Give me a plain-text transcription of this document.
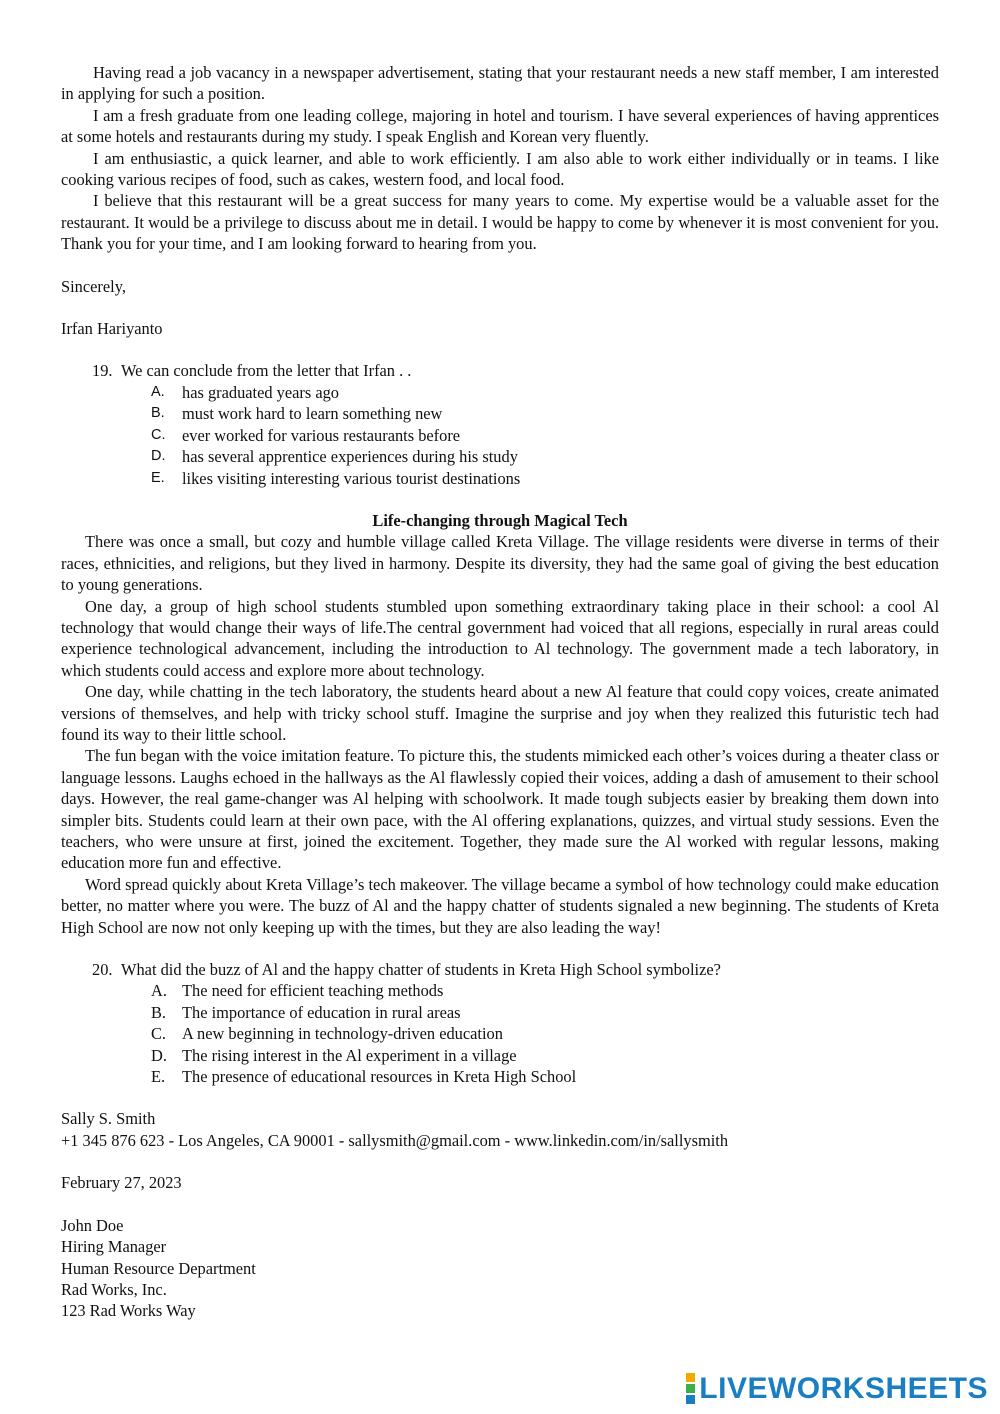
Having read a job vacancy in a newspaper advertisement, stating that your restaurant needs a new staff member, I am interested in applying for such a position.

I am a fresh graduate from one leading college, majoring in hotel and tourism. I have several experiences of having apprentices at some hotels and restaurants during my study. I speak English and Korean very fluently.

I am enthusiastic, a quick learner, and able to work efficiently. I am also able to work either individually or in teams. I like cooking various recipes of food, such as cakes, western food, and local food.

I believe that this restaurant will be a great success for many years to come. My expertise would be a valuable asset for the restaurant. It would be a privilege to discuss about me in detail. I would be happy to come by whenever it is most convenient for you. Thank you for your time, and I am looking forward to hearing from you.

Sincerely,

Irfan Hariyanto

19. We can conclude from the letter that Irfan . .
A.	has graduated years ago
B.	must work hard to learn something new
C.	ever worked for various restaurants before
D.	has several apprentice experiences during his study
E.	likes visiting interesting various tourist destinations

Life-changing through Magical Tech

There was once a small, but cozy and humble village called Kreta Village. The village residents were diverse in terms of their races, ethnicities, and religions, but they lived in harmony. Despite its diversity, they had the same goal of giving the best education to young generations.

One day, a group of high school students stumbled upon something extraordinary taking place in their school: a cool Al technology that would change their ways of life.The central government had voiced that all regions, especially in rural areas could experience technological advancement, including the introduction to Al technology. The government made a tech laboratory, in which students could access and explore more about technology.

One day, while chatting in the tech laboratory, the students heard about a new Al feature that could copy voices, create animated versions of themselves, and help with tricky school stuff. Imagine the surprise and joy when they realized this futuristic tech had found its way to their little school.

The fun began with the voice imitation feature. To picture this, the students mimicked each other’s voices during a theater class or language lessons. Laughs echoed in the hallways as the Al flawlessly copied their voices, adding a dash of amusement to their school days. However, the real game-changer was Al helping with schoolwork. It made tough subjects easier by breaking them down into simpler bits. Students could learn at their own pace, with the Al offering explanations, quizzes, and virtual study sessions. Even the teachers, who were unsure at first, joined the excitement. Together, they made sure the Al worked with regular lessons, making education more fun and effective.

Word spread quickly about Kreta Village’s tech makeover. The village became a symbol of how technology could make education better, no matter where you were. The buzz of Al and the happy chatter of students signaled a new beginning. The students of Kreta High School are now not only keeping up with the times, but they are also leading the way!

20. What did the buzz of Al and the happy chatter of students in Kreta High School symbolize?
A. The need for efficient teaching methods
B. The importance of education in rural areas
C. A new beginning in technology-driven education
D. The rising interest in the Al experiment in a village
E.	The presence of educational resources in Kreta High School

Sally S. Smith

+1 345 876 623 - Los Angeles, CA 90001 - sallysmith@gmail.com - www.linkedin.com/in/sallysmith

February 27, 2023

John Doe

Hiring Manager

Human Resource Department

Rad Works, Inc.

123 Rad Works Way

LIVEWORKSHEETS
